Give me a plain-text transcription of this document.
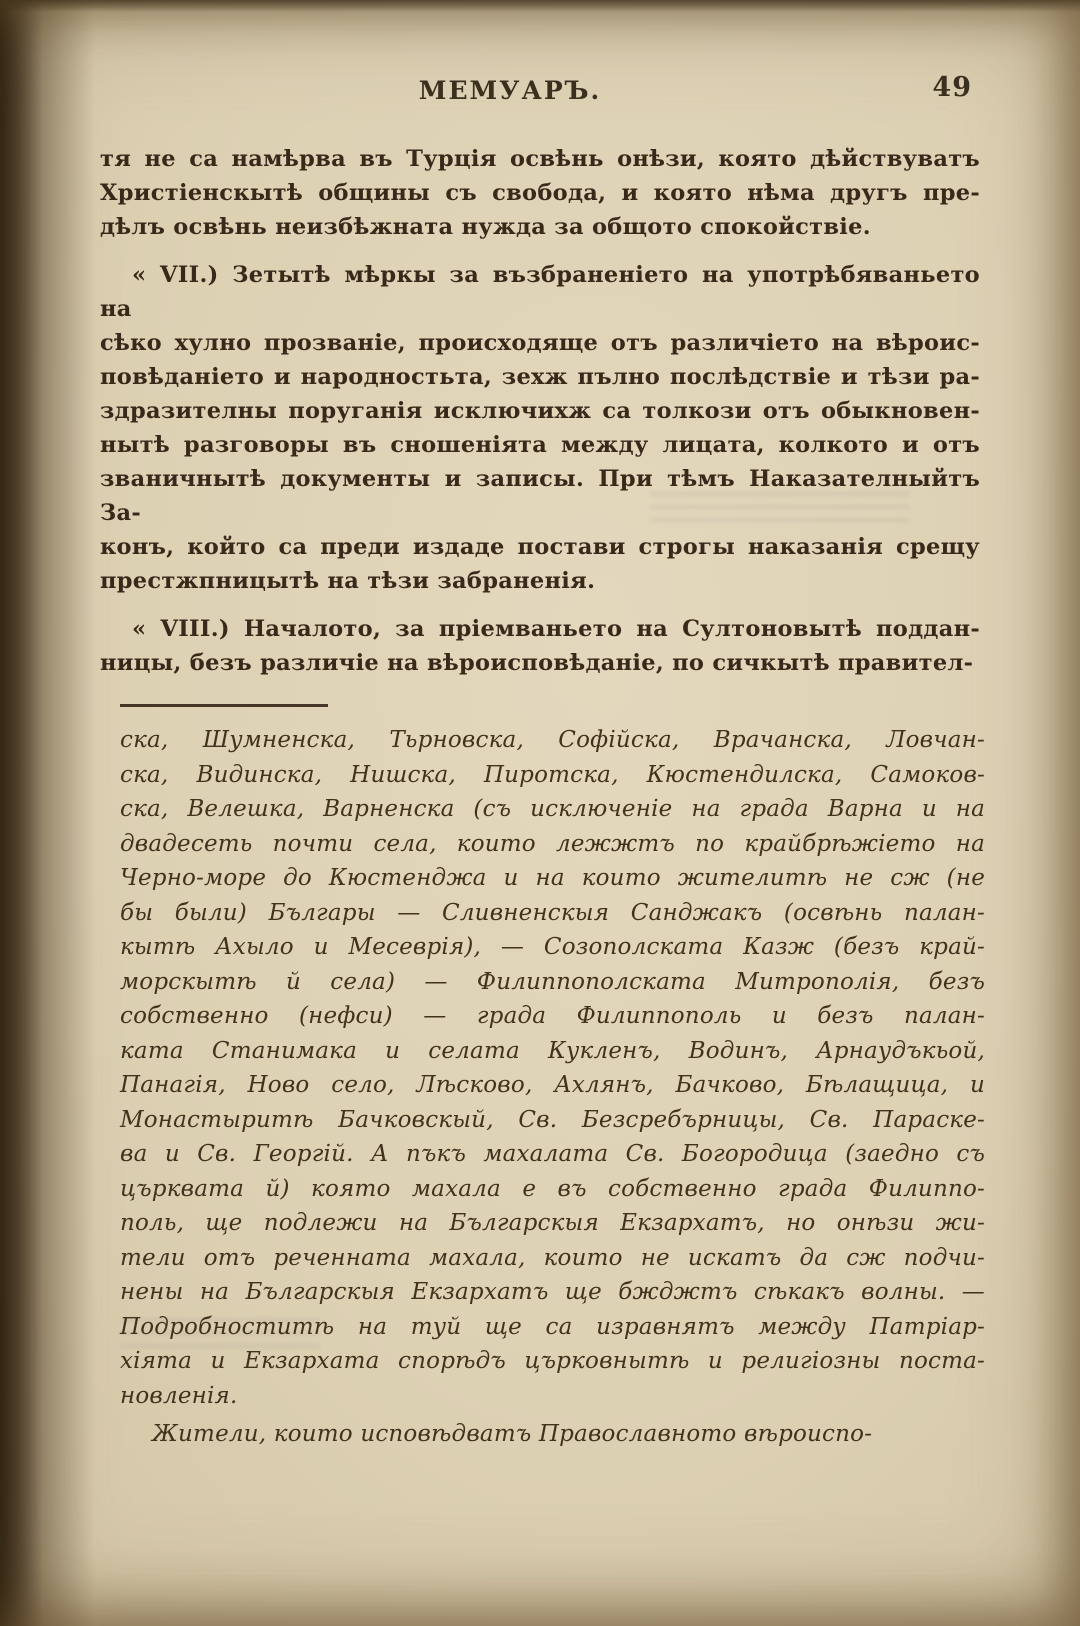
МЕМУАРЪ.	49
тя не са намѣрва въ Турція освѣнь онѣзи, която дѣйствуватъ
Христіенскытѣ общины съ свобода, и която нѣма другъ пре-
дѣлъ освѣнь неизбѣжната нужда за общото спокойствіе.
« VII.) Зетытѣ мѣркы за възбраненіето на употрѣбяваньето на
сѣко хулно прозваніе, происходяще отъ различіето на вѣроис-
повѣданіето и народностьта, зехж пълно послѣдствіе и тѣзи ра-
здразителны поруганія исключихж са толкози отъ обыкновен-
нытѣ разговоры въ сношеніята между лицата, колкото и отъ
званичнытѣ документы и записы. При тѣмъ Наказателныйтъ За-
конъ, който са преди издаде постави строгы наказанія срещу
престжпницытѣ на тѣзи забраненія.
« VIII.) Началото, за пріемваньето на Султоновытѣ поддан-
ницы, безъ различіе на вѣроисповѣданіе, по сичкытѣ правител-
ска, Шумненска, Тьрновска, Софійска, Врачанска, Ловчан-
ска, Видинска, Нишска, Пиротска, Кюстендилска, Самоков-
ска, Велешка, Варненска (съ исключеніе на града Варна и на
двадесеть почти села, които лежжтъ по крайбрѣжіето на
Черно-море до Кюстенджа и на които жителитѣ не сж (не
бы были) Българы — Сливненскыя Санджакъ (освѣнь палан-
кытѣ Ахыло и Месеврія), — Созополската Казж (безъ край-
морскытѣ й села) — Филиппополската Митрополія, безъ
собственно (нефси) — града Филиппополь и безъ палан-
ката Станимака и селата Кукленъ, Водинъ, Арнаудъкьой,
Панагія, Ново село, Лѣсково, Ахлянъ, Бачково, Бѣлащица, и
Монастыритѣ Бачковскый, Св. Безсребърницы, Св. Параске-
ва и Св. Георгій. А пъкъ махалата Св. Богородица (заедно съ
църквата й) която махала е въ собственно града Филиппо-
поль, ще подлежи на Българскыя Екзархатъ, но онѣзи жи-
тели отъ реченната махала, които не искатъ да сж подчи-
нены на Българскыя Екзархатъ ще бжджтъ сѣкакъ волны. —
Подробноститѣ на туй ще са изравнятъ между Патріар-
хіята и Екзархата спорѣдъ църковнытѣ и религіозны поста-
новленія.
Жители, които исповѣдватъ Православното вѣроиспо-
